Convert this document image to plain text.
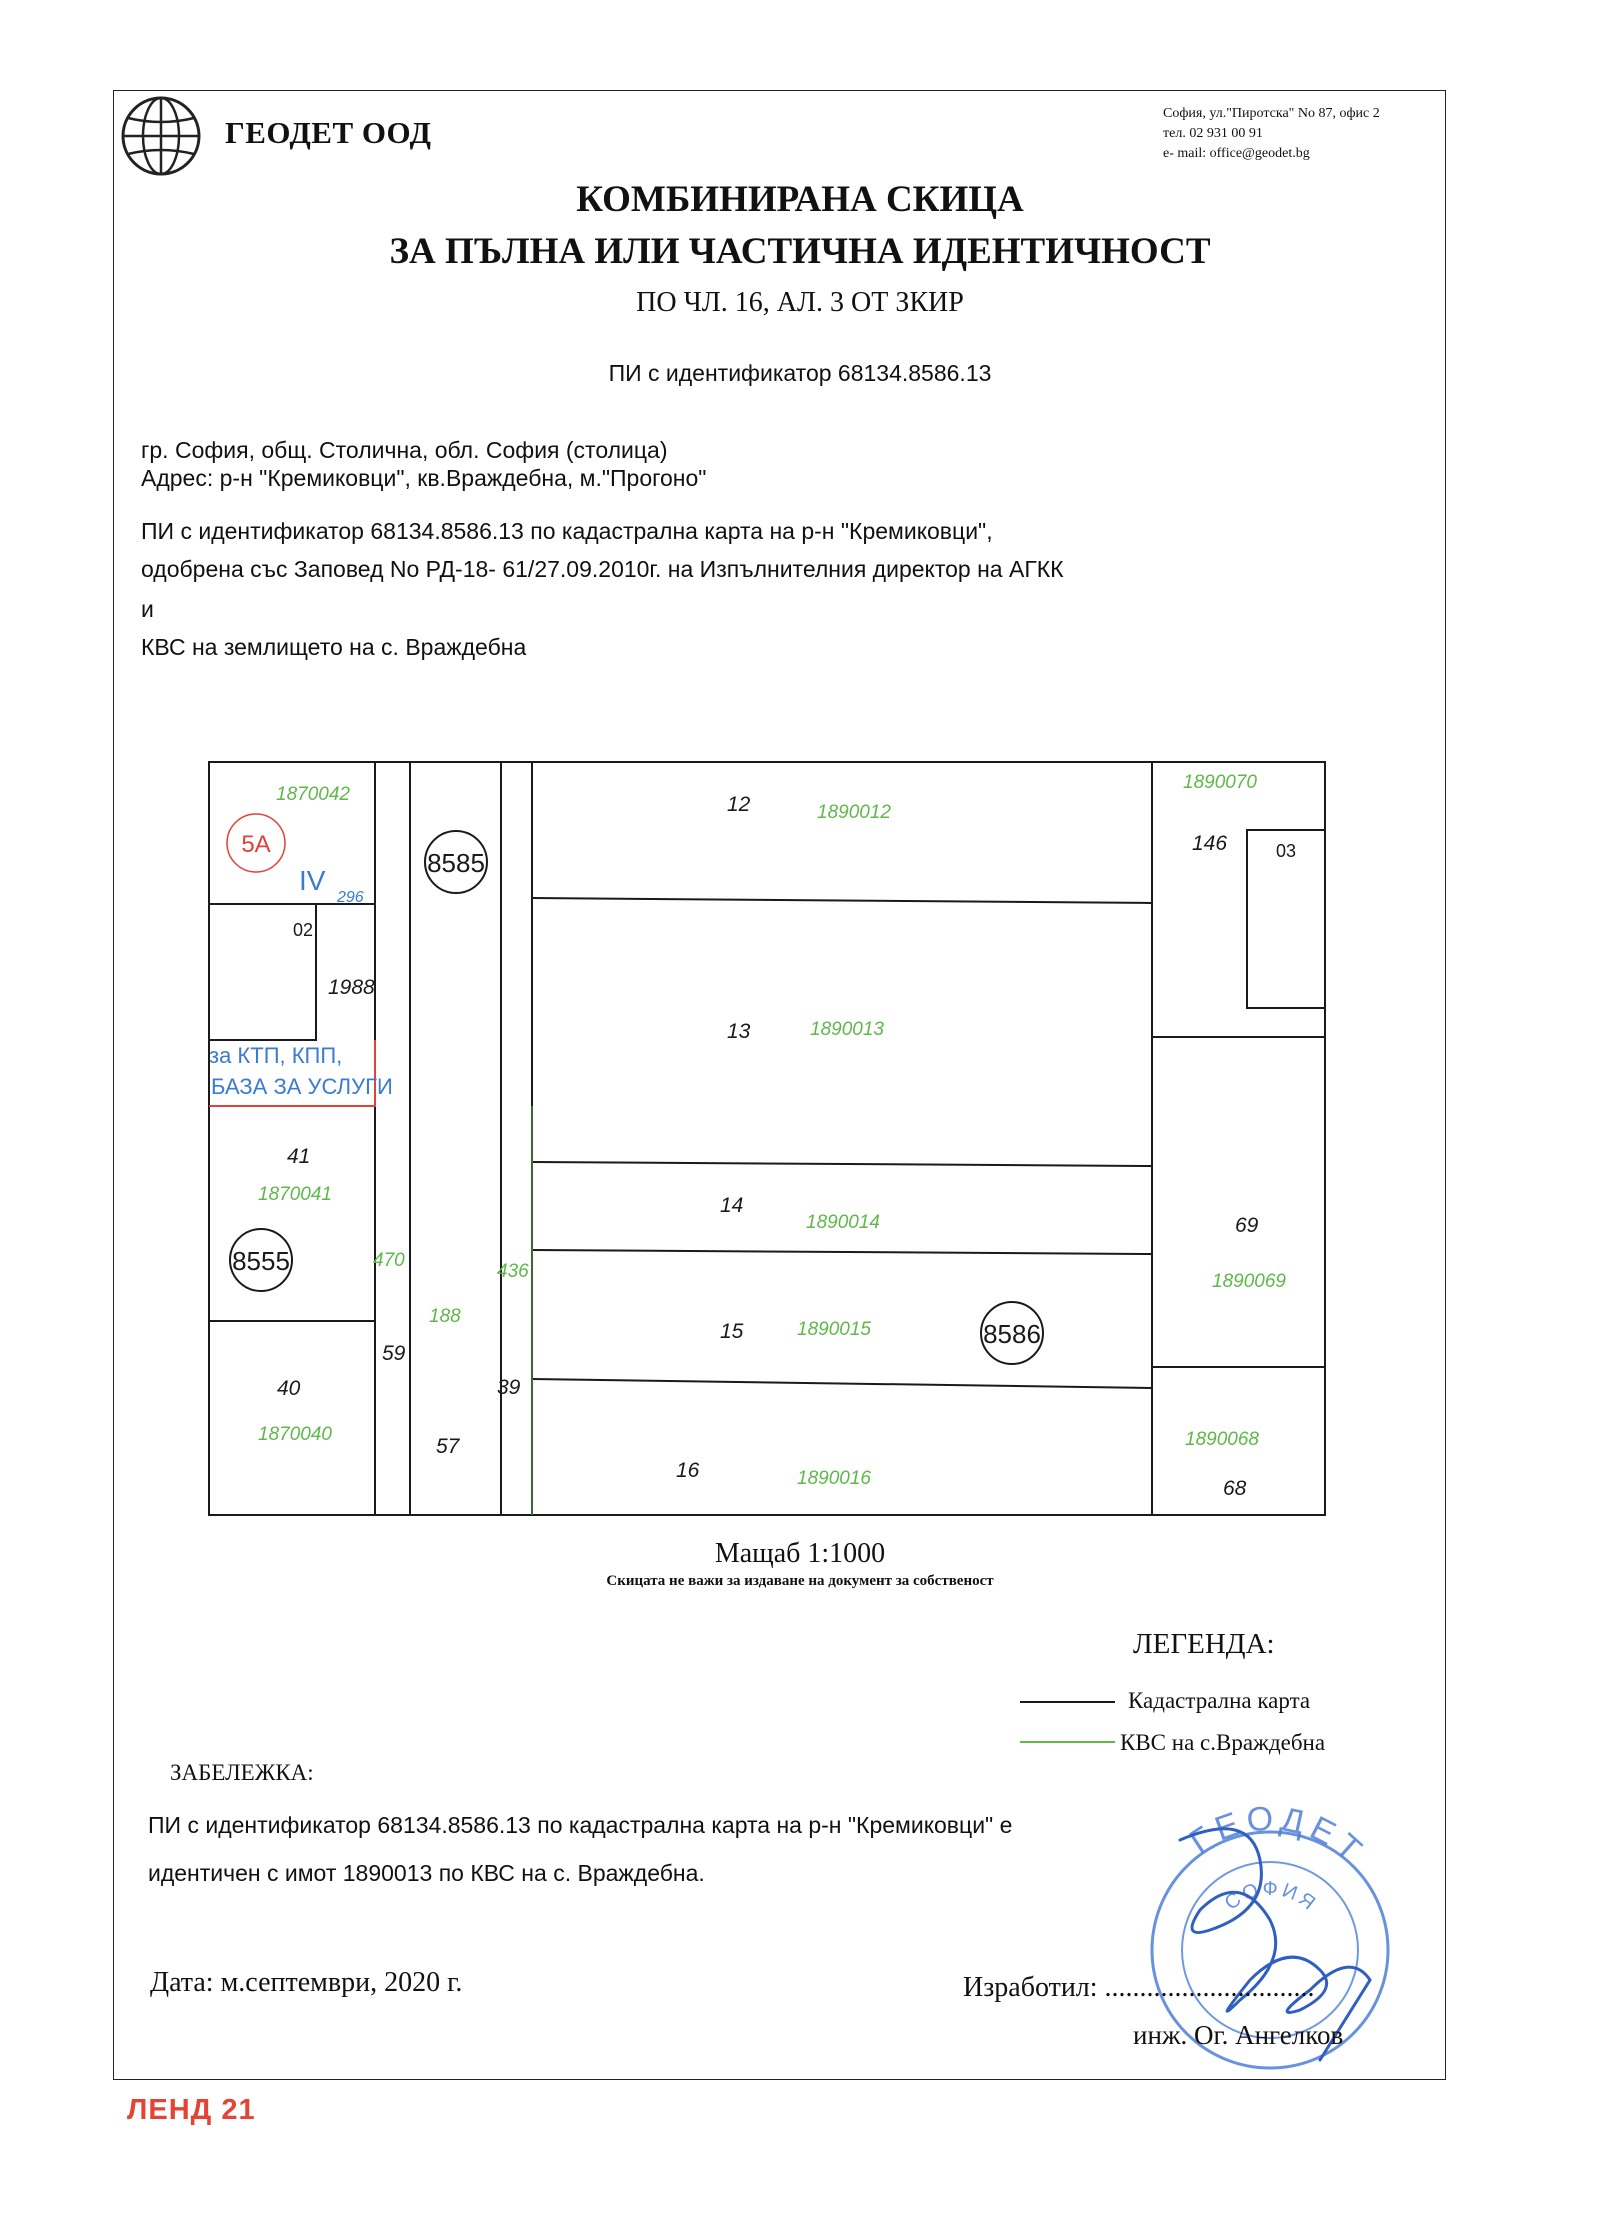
ГЕОДЕТ ООД
София, ул."Пиротска" No 87, офис 2
тел. 02 931 00 91
e- mail: office@geodet.bg
КОМБИНИРАНА СКИЦА
ЗА ПЪЛНА ИЛИ ЧАСТИЧНА ИДЕНТИЧНОСТ
ПО ЧЛ. 16, АЛ. 3 ОТ ЗКИР
ПИ с идентификатор 68134.8586.13
гр. София, общ. Столична, обл. София (столица)
Адрес: р-н "Кремиковци", кв.Враждебна, м."Прогоно"
ПИ с идентификатор 68134.8586.13 по кадастрална карта на р-н "Кремиковци",
одобрена със Заповед No РД-18- 61/27.09.2010г. на Изпълнителния директор на АГКК
и
КВС на землището на с. Враждебна
12
13
14
15
16
146
69
68
1988
41
40
59
57
39
03
02
8585
8555
8586
5A
1870042
1890012
1890013
1890014
1890015
1890016
1890070
1890069
1890068
1870041
1870040
470
188
436
IV
296
за КТП, КПП,
БАЗА ЗА УСЛУГИ
Мащаб 1:1000
Скицата не важи за издаване на документ за собственост
ЛЕГЕНДА:
Кадастрална карта
КВС на с.Враждебна
ЗАБЕЛЕЖКА:
ПИ с идентификатор 68134.8586.13 по кадастрална карта на р-н "Кремиковци" е
идентичен с имот 1890013 по КВС на с. Враждебна.
ГЕОДЕТ
СОФИЯ
Дата: м.септември, 2020 г.	Изработил: ..............................
инж. Ог. Ангелков
ЛЕНД 21
